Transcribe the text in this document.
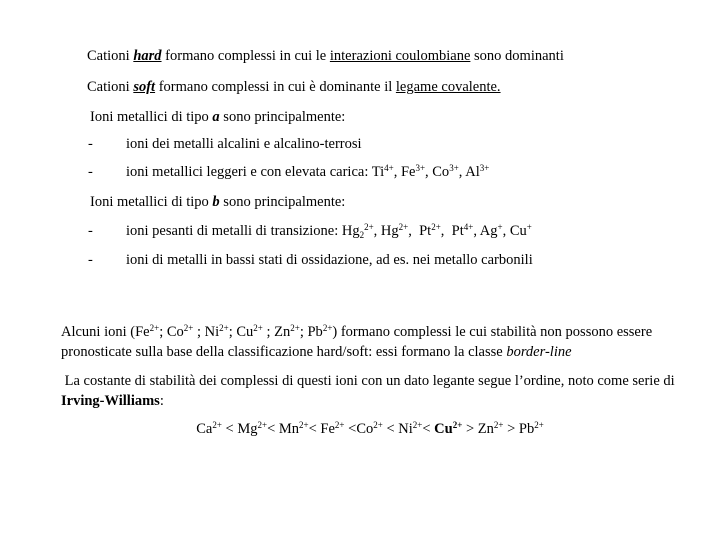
Cationi hard formano complessi in cui le interazioni coulombiane sono dominanti
Cationi soft formano complessi in cui è dominante il legame covalente.
Ioni metallici di tipo a sono principalmente:
- ioni dei metalli alcalini e alcalino-terrosi
- ioni metallici leggeri e con elevata carica: $Ti^{4+}$, $Fe^{3+}$, $Co^{3+}$, $Al^{3+}$
Ioni metallici di tipo b sono principalmente:
- ioni pesanti di metalli di transizione: $Hg_2^{2+}$, $Hg^{2+}$,  $Pt^{2+}$,  $Pt^{4+}$, Ag+, Cu+
- ioni di metalli in bassi stati di ossidazione, ad es. nei metallo carbonili
Alcuni ioni ($Fe^{2+}$; $Co^{2+}$ ; $Ni^{2+}$; $Cu^{2+}$ ; $Zn^{2+}$; $Pb^{2+}$) formano complessi le cui stabilità non possono essere pronosticate sulla base della classificazione hard/soft: essi formano la classe border-line
La costante di stabilità dei complessi di questi ioni con un dato legante segue l’ordine, noto come serie di Irving-Williams:
$Ca^{2+} < Mg^{2+}< Mn^{2+}< Fe^{2+} <Co^{2+} < Ni^{2+}< Cu^{2+} > Zn^{2+} > Pb^{2+}$
